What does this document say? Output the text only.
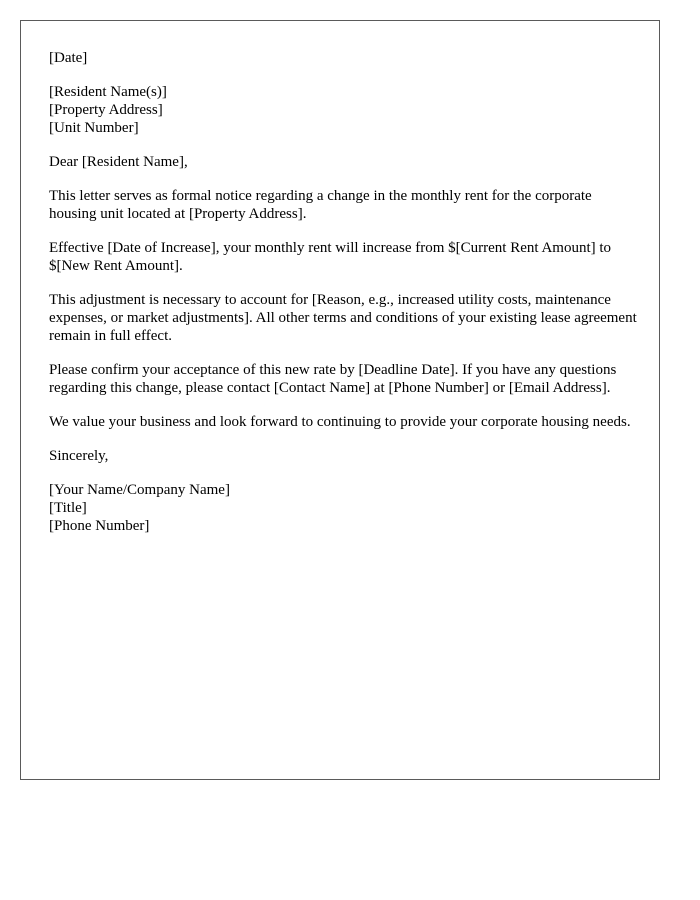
[Date]

[Resident Name(s)]
[Property Address]
[Unit Number]

Dear [Resident Name],

This letter serves as formal notice regarding a change in the monthly rent for the corporate housing unit located at [Property Address].

Effective [Date of Increase], your monthly rent will increase from $[Current Rent Amount] to $[New Rent Amount].

This adjustment is necessary to account for [Reason, e.g., increased utility costs, maintenance expenses, or market adjustments]. All other terms and conditions of your existing lease agreement remain in full effect.

Please confirm your acceptance of this new rate by [Deadline Date]. If you have any questions regarding this change, please contact [Contact Name] at [Phone Number] or [Email Address].

We value your business and look forward to continuing to provide your corporate housing needs.

Sincerely,

[Your Name/Company Name]
[Title]
[Phone Number]
